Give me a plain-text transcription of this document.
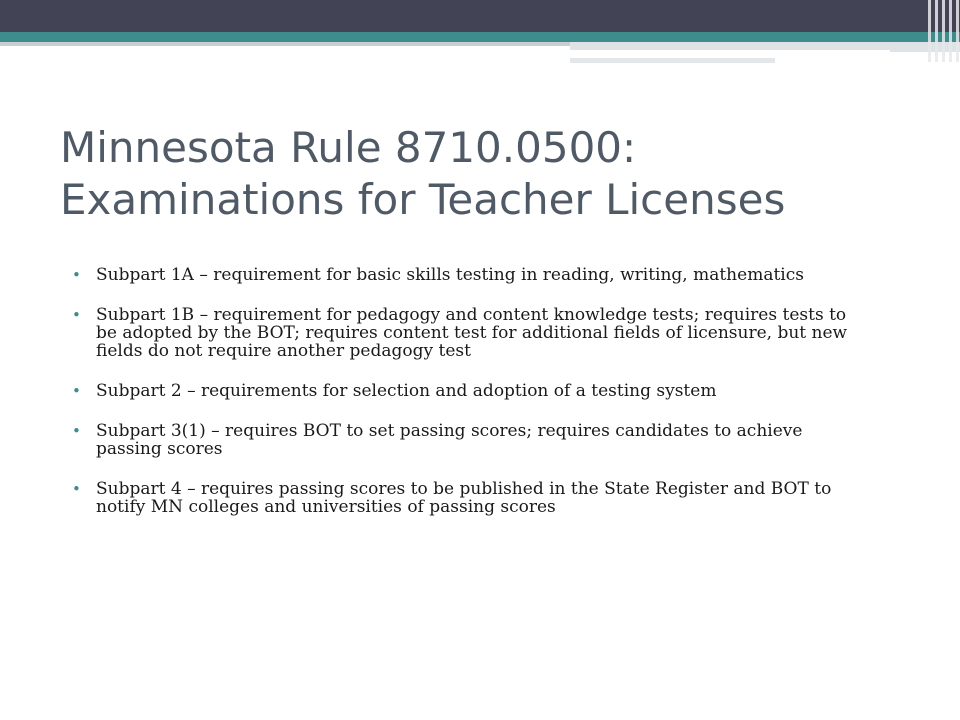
Minnesota Rule 8710.0500:
Examinations for Teacher Licenses
• Subpart 1A – requirement for basic skills testing in reading, writing, mathematics
• Subpart 1B – requirement for pedagogy and content knowledge tests; requires tests to be adopted by the BOT; requires content test for additional fields of licensure, but new fields do not require another pedagogy test
• Subpart 2 – requirements for selection and adoption of a testing system
• Subpart 3(1) – requires BOT to set passing scores; requires candidates to achieve passing scores
• Subpart 4 – requires passing scores to be published in the State Register and BOT to notify MN colleges and universities of passing scores
